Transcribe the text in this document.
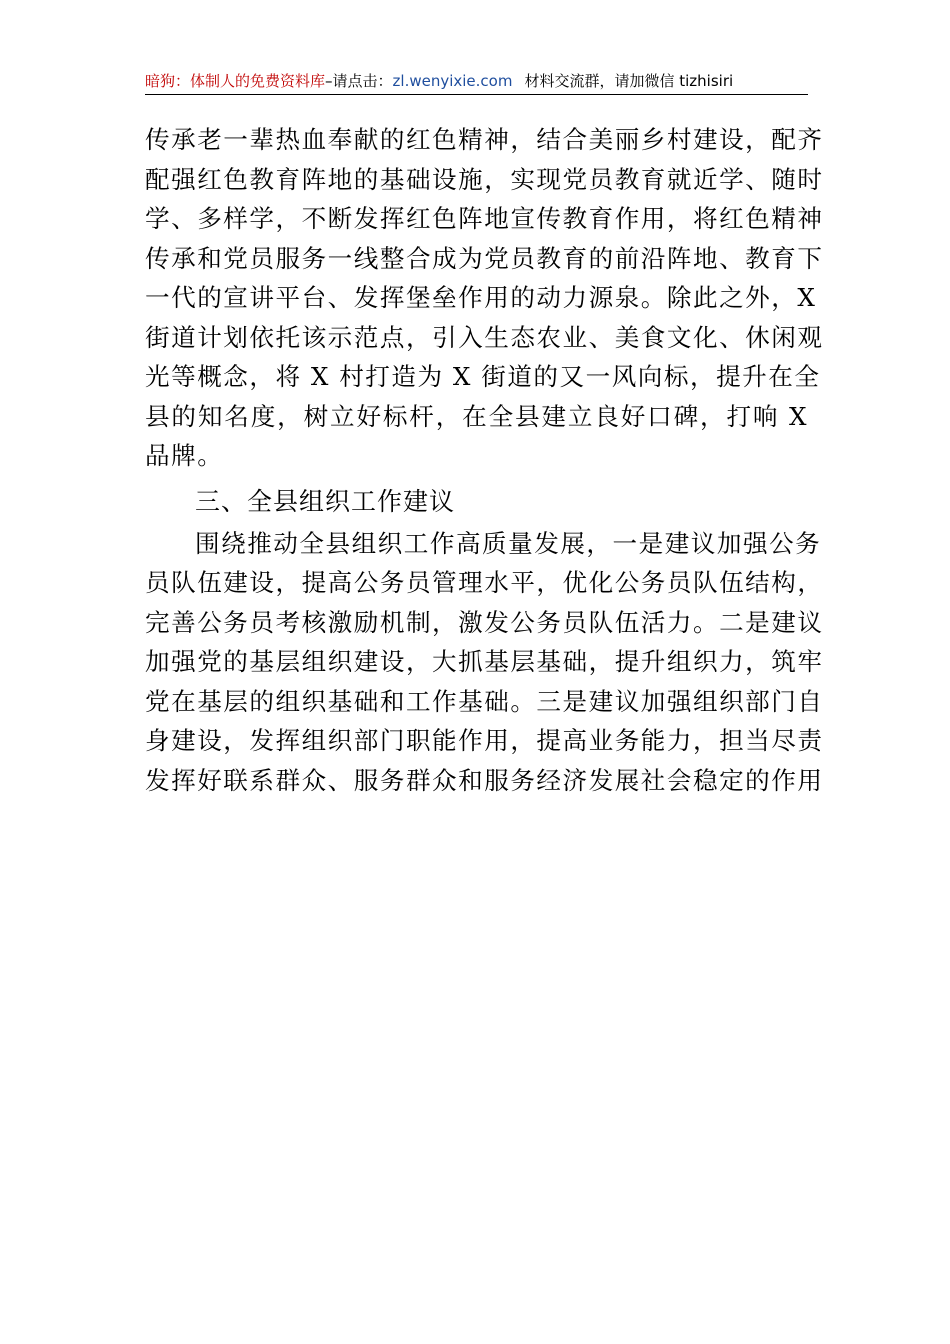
暗狗：体制人的免费资料库–请点击：zl.wenyixie.com 材料交流群，请加微信 tizhisiri

传承老一辈热血奉献的红色精神，结合美丽乡村建设，配齐
配强红色教育阵地的基础设施，实现党员教育就近学、随时
学、多样学，不断发挥红色阵地宣传教育作用，将红色精神
传承和党员服务一线整合成为党员教育的前沿阵地、教育下
一代的宣讲平台、发挥堡垒作用的动力源泉。除此之外，X
街道计划依托该示范点，引入生态农业、美食文化、休闲观
光等概念，将 X 村打造为 X 街道的又一风向标，提升在全
县的知名度，树立好标杆，在全县建立良好口碑，打响 X
品牌。

三、全县组织工作建议

围绕推动全县组织工作高质量发展，一是建议加强公务
员队伍建设，提高公务员管理水平，优化公务员队伍结构，
完善公务员考核激励机制，激发公务员队伍活力。二是建议
加强党的基层组织建设，大抓基层基础，提升组织力，筑牢
党在基层的组织基础和工作基础。三是建议加强组织部门自
身建设，发挥组织部门职能作用，提高业务能力，担当尽责
发挥好联系群众、服务群众和服务经济发展社会稳定的作用
